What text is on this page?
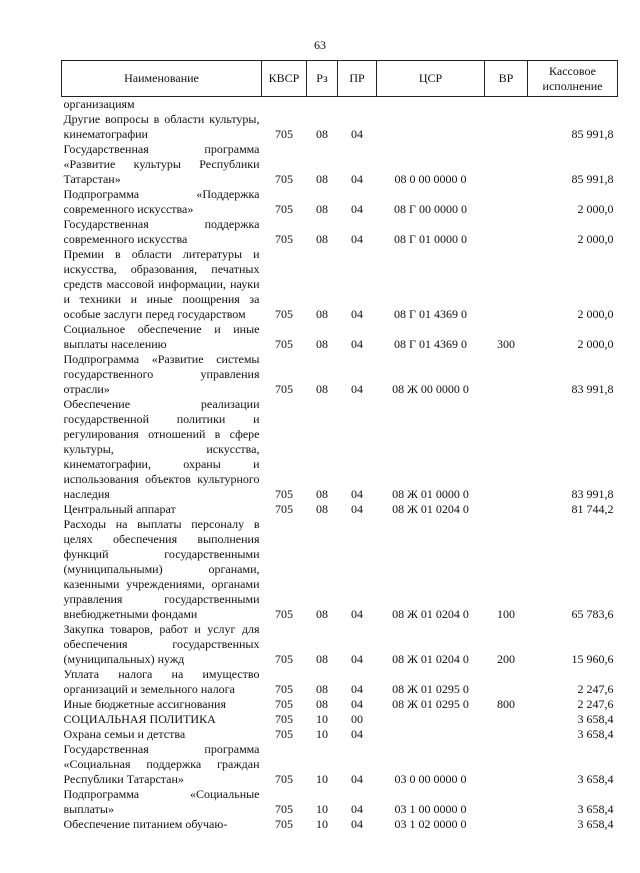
63
Наименование	КВСР	Рз	ПР	ЦСР	ВР	Кассовое исполнение
организациям						
Другие вопросы в области культуры, кинематографии	705	08	04			85 991,8
Государственная программа «Развитие культуры Республики Татарстан»	705	08	04	08 0 00 0000 0		85 991,8
Подпрограмма «Поддержка современного искусства»	705	08	04	08 Г 00 0000 0		2 000,0
Государственная поддержка современного искусства	705	08	04	08 Г 01 0000 0		2 000,0
Премии в области литературы и искусства, образования, печатных средств массовой информации, науки и техники и иные поощрения за особые заслуги перед государством	705	08	04	08 Г 01 4369 0		2 000,0
Социальное обеспечение и иные выплаты населению	705	08	04	08 Г 01 4369 0	300	2 000,0
Подпрограмма «Развитие системы государственного управления отрасли»	705	08	04	08 Ж 00 0000 0		83 991,8
Обеспечение реализации государственной политики и регулирования отношений в сфере культуры, искусства, кинематографии, охраны и использования объектов культурного наследия	705	08	04	08 Ж 01 0000 0		83 991,8
Центральный аппарат	705	08	04	08 Ж 01 0204 0		81 744,2
Расходы на выплаты персоналу в целях обеспечения выполнения функций государственными (муниципальными) органами, казенными учреждениями, органами управления государственными внебюджетными фондами	705	08	04	08 Ж 01 0204 0	100	65 783,6
Закупка товаров, работ и услуг для обеспечения государственных (муниципальных) нужд	705	08	04	08 Ж 01 0204 0	200	15 960,6
Уплата налога на имущество организаций и земельного налога	705	08	04	08 Ж 01 0295 0		2 247,6
Иные бюджетные ассигнования	705	08	04	08 Ж 01 0295 0	800	2 247,6
СОЦИАЛЬНАЯ ПОЛИТИКА	705	10	00			3 658,4
Охрана семьи и детства	705	10	04			3 658,4
Государственная программа «Социальная поддержка граждан Республики Татарстан»	705	10	04	03 0 00 0000 0		3 658,4
Подпрограмма «Социальные выплаты»	705	10	04	03 1 00 0000 0		3 658,4
Обеспечение питанием обучаю-	705	10	04	03 1 02 0000 0		3 658,4
